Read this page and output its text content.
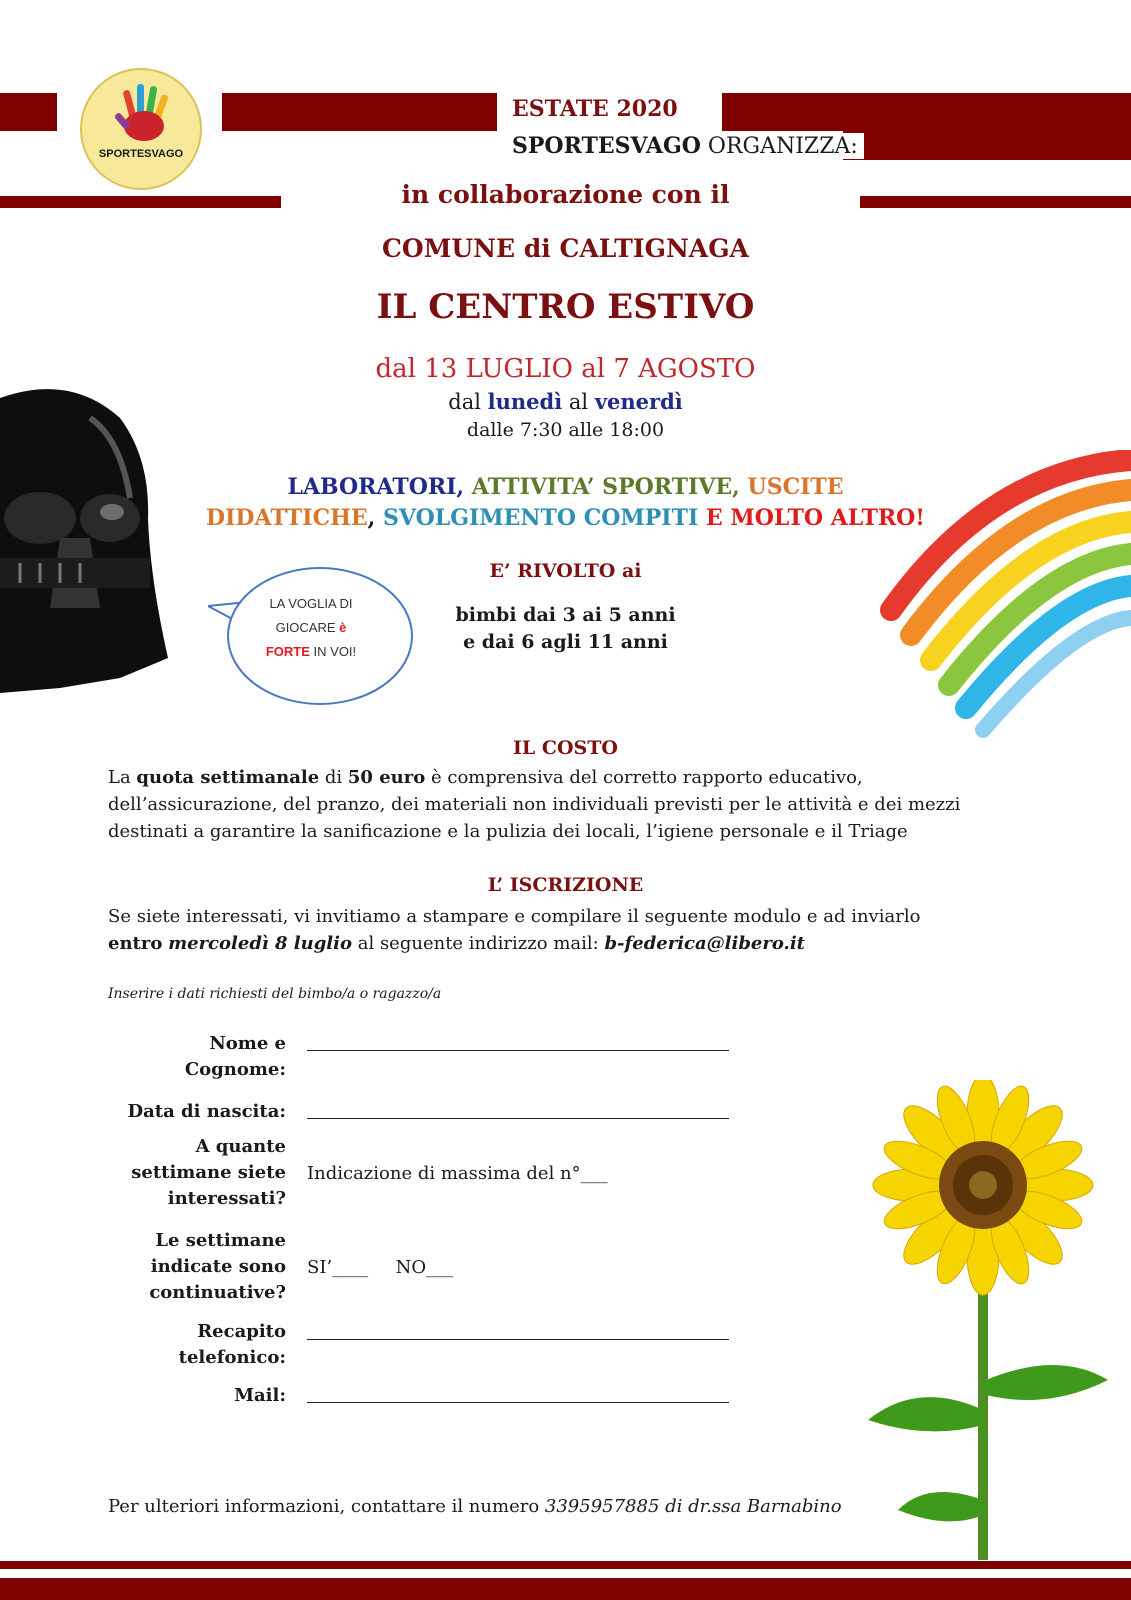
SPORTESVAGO
ESTATE 2020
SPORTESVAGO ORGANIZZA:
in collaborazione con il
COMUNE di CALTIGNAGA
IL CENTRO ESTIVO
dal 13 LUGLIO al 7 AGOSTO
dal lunedì al venerdì
dalle 7:30 alle 18:00
LABORATORI, ATTIVITA’ SPORTIVE, USCITE
DIDATTICHE, SVOLGIMENTO COMPITI E MOLTO ALTRO!
LA VOGLIA DI
GIOCARE è
FORTE IN VOI!
E’ RIVOLTO ai
bimbi dai 3 ai 5 anni
e dai 6 agli 11 anni
IL COSTO
La quota settimanale di 50 euro è comprensiva del corretto rapporto educativo,
dell’assicurazione, del pranzo, dei materiali non individuali previsti per le attività e dei mezzi
destinati a garantire la sanificazione e la pulizia dei locali, l’igiene personale e il Triage
L’ ISCRIZIONE
Se siete interessati, vi invitiamo a stampare e compilare il seguente modulo e ad inviarlo
entro mercoledì 8 luglio al seguente indirizzo mail: b-federica@libero.it
Inserire i dati richiesti del bimbo/a o ragazzo/a
Nome e
Cognome:
Data di nascita:
A quante
settimane siete
interessati?
Indicazione di massima del n°___
Le settimane
indicate sono
continuative?
SI’____ NO___
Recapito
telefonico:
Mail:
Per ulteriori informazioni, contattare il numero 3395957885 di dr.ssa Barnabino
